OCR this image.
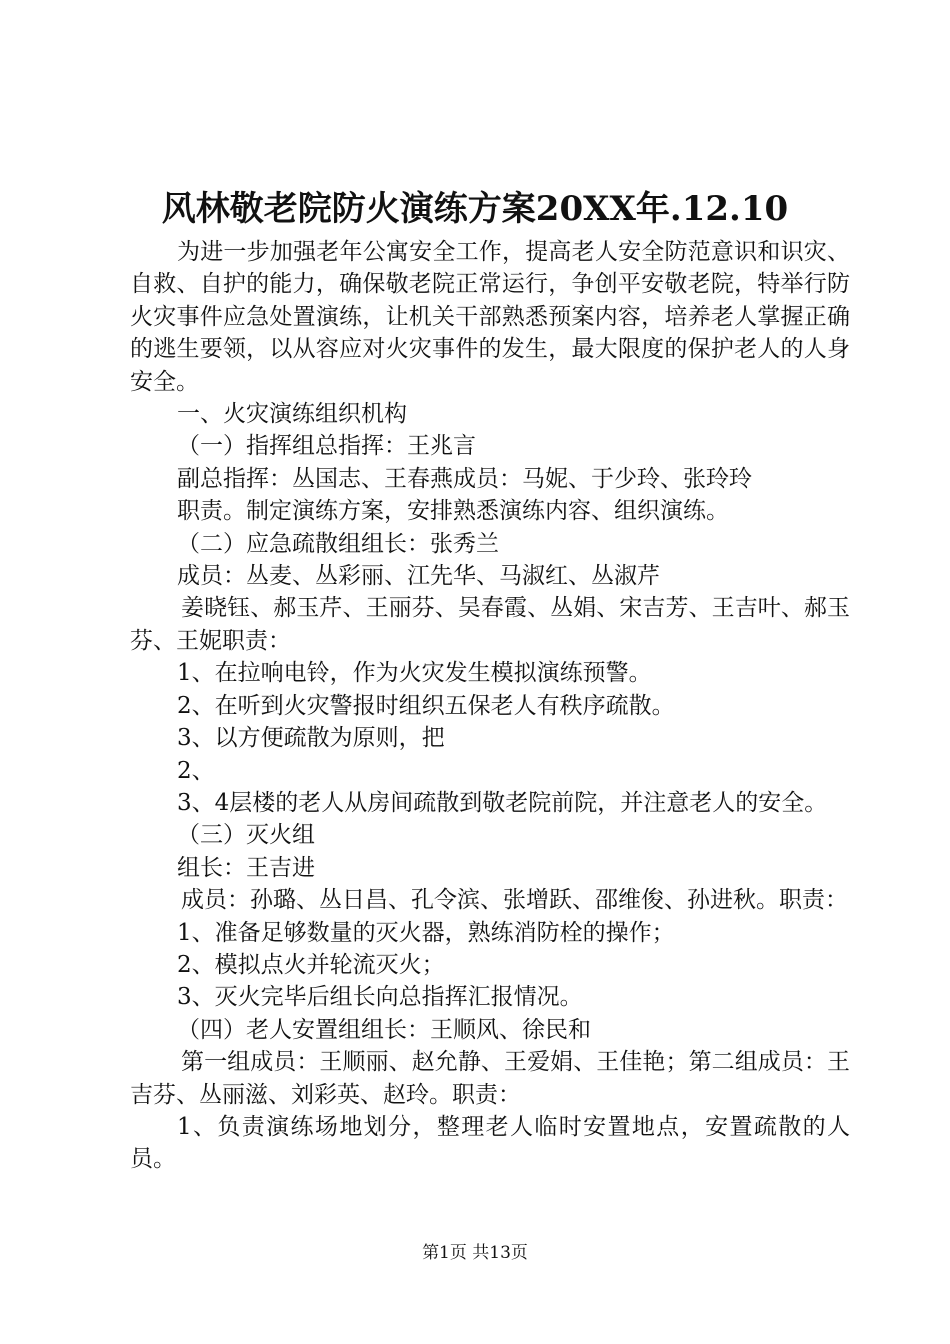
风林敬老院防火演练方案20XX年.12.10

为进一步加强老年公寓安全工作，提高老人安全防范意识和识灾、自救、自护的能力，确保敬老院正常运行，争创平安敬老院，特举行防火灾事件应急处置演练，让机关干部熟悉预案内容，培养老人掌握正确的逃生要领，以从容应对火灾事件的发生，最大限度的保护老人的人身安全。

一、火灾演练组织机构

（一）指挥组总指挥：王兆言

副总指挥：丛国志、王春燕成员：马妮、于少玲、张玲玲

职责。制定演练方案，安排熟悉演练内容、组织演练。

（二）应急疏散组组长：张秀兰

成员：丛麦、丛彩丽、江先华、马淑红、丛淑芹

姜晓钰、郝玉芹、王丽芬、吴春霞、丛娟、宋吉芳、王吉叶、郝玉芬、王妮职责：

1、在拉响电铃，作为火灾发生模拟演练预警。

2、在听到火灾警报时组织五保老人有秩序疏散。

3、以方便疏散为原则，把

2、

3、4层楼的老人从房间疏散到敬老院前院，并注意老人的安全。

（三）灭火组

组长：王吉进

成员：孙璐、丛日昌、孔令滨、张增跃、邵维俊、孙进秋。职责：

1、准备足够数量的灭火器，熟练消防栓的操作；

2、模拟点火并轮流灭火；

3、灭火完毕后组长向总指挥汇报情况。

（四）老人安置组组长：王顺风、徐民和

第一组成员：王顺丽、赵允静、王爱娟、王佳艳；第二组成员：王吉芬、丛丽滋、刘彩英、赵玲。职责：

1、负责演练场地划分，整理老人临时安置地点，安置疏散的人员。

第1页 共13页
